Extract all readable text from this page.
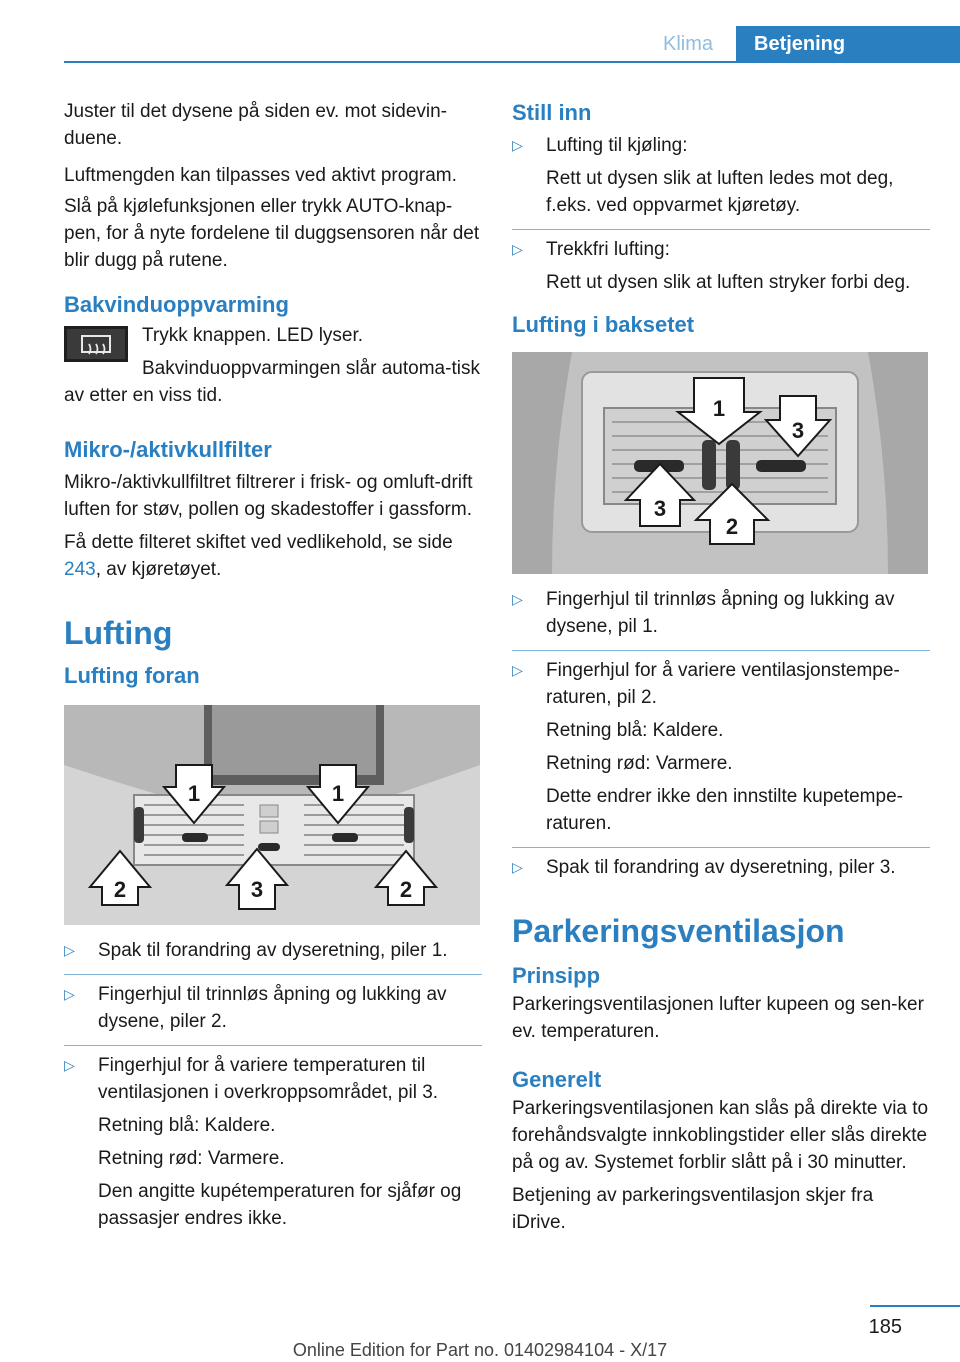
Klima	Betjening

Juster til det dysene på siden ev. mot sidevin-duene.

Luftmengden kan tilpasses ved aktivt program.

Slå på kjølefunksjonen eller trykk AUTO-knap-pen, for å nyte fordelene til duggsensoren når det blir dugg på rutene.

Bakvinduoppvarming

Trykk knappen. LED lyser.

Bakvinduoppvarmingen slår automa-tisk av etter en viss tid.

Mikro-/aktivkullfilter

Mikro-/aktivkullfiltret filtrerer i frisk- og omluft-drift luften for støv, pollen og skadestoffer i gassform.

Få dette filteret skiftet ved vedlikehold, se side 243, av kjøretøyet.

Lufting
Lufting foran
1	1
2	3	2
▷ Spak til forandring av dyseretning, piler 1.

▷ Fingerhjul til trinnløs åpning og lukking av dysene, piler 2.

▷ Fingerhjul for å variere temperaturen til ventilasjonen i overkroppsområdet, pil 3.

Retning blå: Kaldere.

Retning rød: Varmere.

Den angitte kupétemperaturen for sjåfør og passasjer endres ikke.

Still inn
▷ Lufting til kjøling:

Rett ut dysen slik at luften ledes mot deg, f.eks. ved oppvarmet kjøretøy.

▷ Trekkfri lufting:

Rett ut dysen slik at luften stryker forbi deg.

Lufting i baksetet
1
3
3
2
▷ Fingerhjul til trinnløs åpning og lukking av dysene, pil 1.

▷ Fingerhjul for å variere ventilasjonstempe-raturen, pil 2.

Retning blå: Kaldere.

Retning rød: Varmere.

Dette endrer ikke den innstilte kupetempe-raturen.

▷ Spak til forandring av dyseretning, piler 3.

Parkeringsventilasjon
Prinsipp

Parkeringsventilasjonen lufter kupeen og sen-ker ev. temperaturen.

Generelt

Parkeringsventilasjonen kan slås på direkte via to forehåndsvalgte innkoblingstider eller slås direkte på og av. Systemet forblir slått på i 30 minutter.

Betjening av parkeringsventilasjon skjer fra iDrive.

185
Online Edition for Part no. 01402984104 - X/17
